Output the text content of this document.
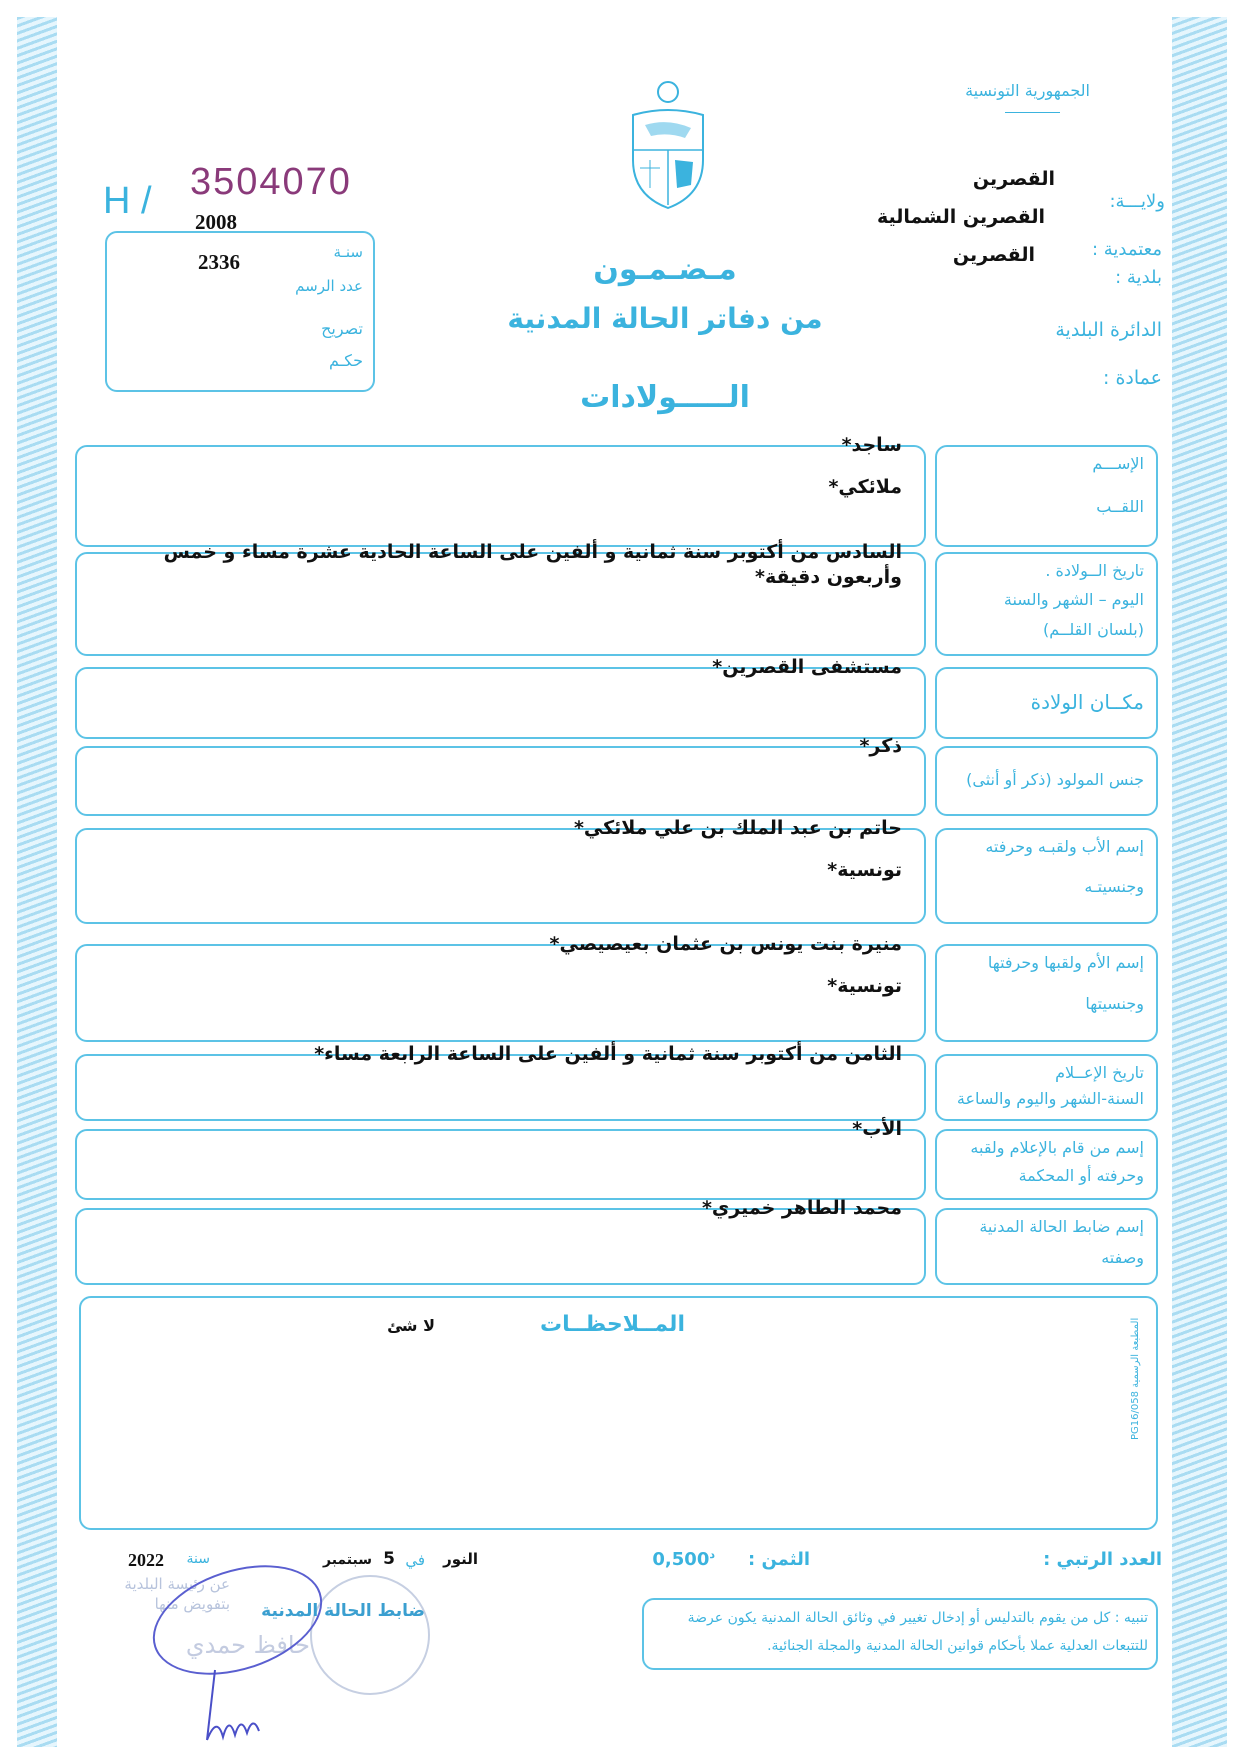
الجمهورية التونسية
ولايـــة:
القصرين
معتمدية :
القصرين الشمالية
بلدية :
القصرين
الدائرة البلدية
عمادة :
H / 3504070
2008
2336	سنـة
عدد الرسم
تصريح
حكـم
مـضـمـون
من دفاتر الحالة المدنية
الـــــولادات
الإســـم
اللقــب
ساجد*
ملائكي*
تاريخ الــولادة .
اليوم – الشهر والسنة
(بلسان القلــم)
السادس من أكتوبر سنة ثمانية و ألفين على الساعة الحادية عشرة مساء و خمس وأربعون دقيقة*
مكــان الولادة
مستشفى القصرين*
جنس المولود (ذكر أو أنثى)
ذكر*
إسم الأب ولقبـه وحرفته
وجنسيتـه
حاتم بن عبد الملك بن علي ملائكي*
تونسية*
إسم الأم ولقبها وحرفتها
وجنسيتها
منيرة بنت يونس بن عثمان بعيصيصي*
تونسية*
تاريخ الإعــلام
السنة-الشهر واليوم والساعة
الثامن من أكتوبر سنة ثمانية و ألفين على الساعة الرابعة مساء*
إسم من قام بالإعلام ولقبه
وحرفته أو المحكمة
الأب*
إسم ضابط الحالة المدنية
وصفته
محمد الطاهر خميري*
المــلاحظــات
لا شئ
المطبعة الرسمية PG16/058
العدد الرتبي :
الثمن :
$0,500^د$
النور
في
5
سبتمبر
سنة
2022
عن رئيسة البلدية بتفويض منها ضابط الحالة المدنية
حافظ حمدي
تنبيه : كل من يقوم بالتدليس أو إدخال تغيير في وثائق الحالة المدنية يكون عرضة للتتبعات العدلية عملا بأحكام قوانين الحالة المدنية والمجلة الجنائية.
